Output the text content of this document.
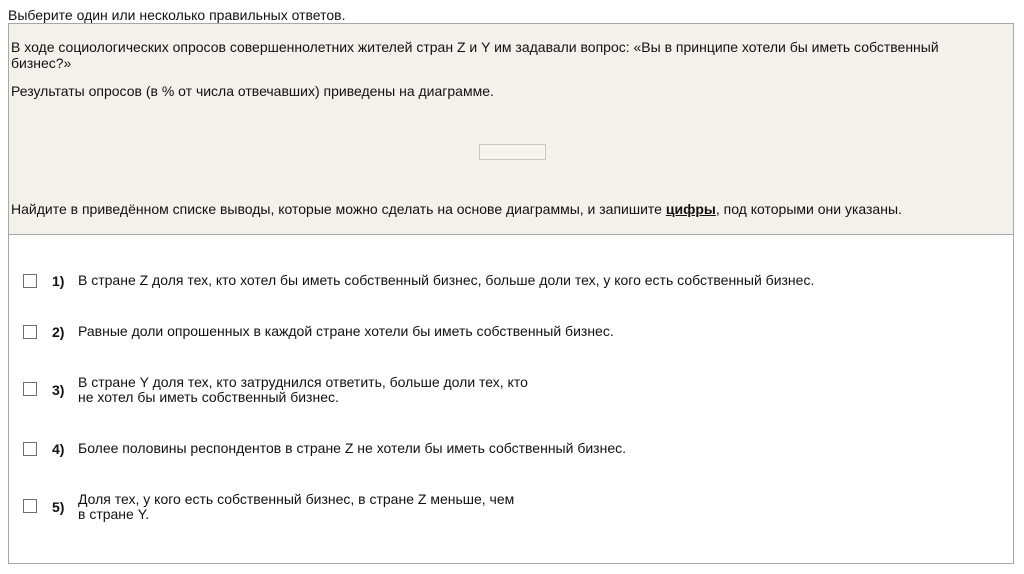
Выберите один или несколько правильных ответов.

В ходе социологических опросов совершеннолетних жителей стран Z и Y им задавали вопрос: «Вы в принципе хотели бы иметь собственный бизнес?»

Результаты опросов (в % от числа отвечавших) приведены на диаграмме.

Найдите в приведённом списке выводы, которые можно сделать на основе диаграммы, и запишите цифры, под которыми они указаны.

1) В стране Z доля тех, кто хотел бы иметь собственный бизнес, больше доли тех, у кого есть собственный бизнес.
2) Равные доли опрошенных в каждой стране хотели бы иметь собственный бизнес.
3) В стране Y доля тех, кто затруднился ответить, больше доли тех, кто
не хотел бы иметь собственный бизнес.
4) Более половины респондентов в стране Z не хотели бы иметь собственный бизнес.
5) Доля тех, у кого есть собственный бизнес, в стране Z меньше, чем
в стране Y.
